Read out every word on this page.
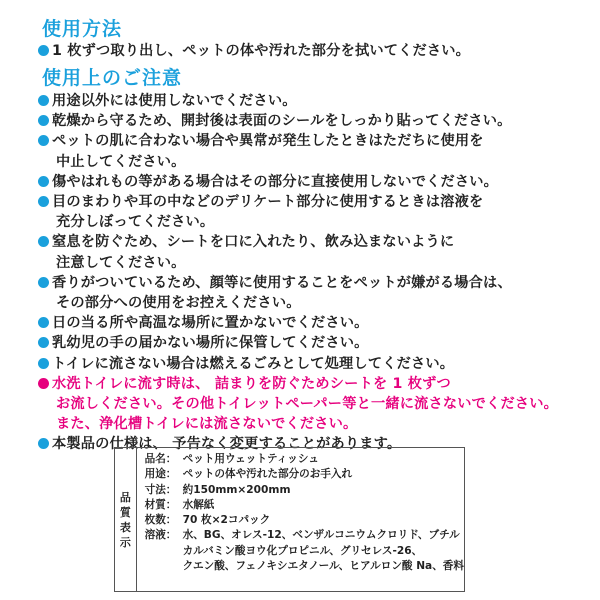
使用方法
1 枚ずつ取り出し、ペットの体や汚れた部分を拭いてください。
使用上のご注意
用途以外には使用しないでください。
乾燥から守るため、開封後は表面のシールをしっかり貼ってください。
ペットの肌に合わない場合や異常が発生したときはただちに使用を
中止してください。
傷やはれもの等がある場合はその部分に直接使用しないでください。
目のまわりや耳の中などのデリケート部分に使用するときは溶液を
充分しぼってください。
窒息を防ぐため、シートを口に入れたり、飲み込まないように
注意してください。
香りがついているため、顔等に使用することをペットが嫌がる場合は、
その部分への使用をお控えください。
日の当る所や高温な場所に置かないでください。
乳幼児の手の届かない場所に保管してください。
トイレに流さない場合は燃えるごみとして処理してください。
水洗トイレに流す時は、 詰まりを防ぐためシートを 1 枚ずつ
お流しください。その他トイレットペーパー等と一緒に流さないでください。
また、浄化槽トイレには流さないでください。
本製品の仕様は、 予告なく変更することがあります。
品
質
表
示
品名： ペット用ウェットティッシュ
用途： ペットの体や汚れた部分のお手入れ
寸法： 約150mm×200mm
材質： 水解紙
枚数： 70 枚×2コパック
溶液： 水、BG、オレス-12、ベンザルコニウムクロリド、ブチル
カルバミン酸ヨウ化プロピニル、グリセレス-26、
クエン酸、フェノキシエタノール、ヒアルロン酸 Na、香料
